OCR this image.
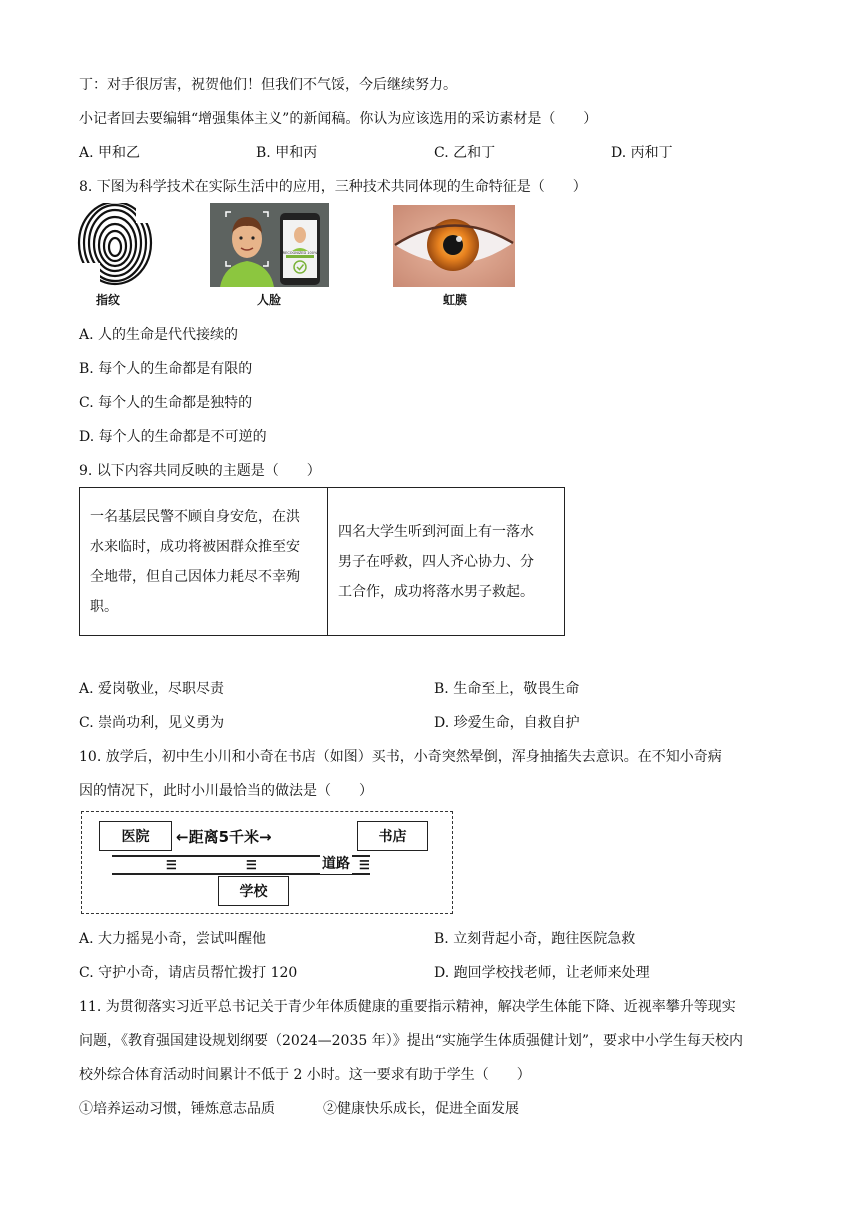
丁：对手很厉害，祝贺他们！但我们不气馁，今后继续努力。
小记者回去要编辑“增强集体主义”的新闻稿。你认为应该选用的采访素材是（　　）
A. 甲和乙	B. 甲和丙	C. 乙和丁	D. 丙和丁
8. 下图为科学技术在实际生活中的应用，三种技术共同体现的生命特征是（　　）
指纹
RECOGNIZED 100%
人脸	虹膜
A. 人的生命是代代接续的
B. 每个人的生命都是有限的
C. 每个人的生命都是独特的
D. 每个人的生命都是不可逆的
9. 以下内容共同反映的主题是（　　）
一名基层民警不顾自身安危，在洪
水来临时，成功将被困群众推至安
全地带，但自己因体力耗尽不幸殉
职。

四名大学生听到河面上有一落水
男子在呼救，四人齐心协力、分
工合作，成功将落水男子救起。
A. 爱岗敬业，尽职尽责	B. 生命至上，敬畏生命
C. 崇尚功利，见义勇为	D. 珍爱生命，自救自护
10. 放学后，初中生小川和小奇在书店（如图）买书，小奇突然晕倒，浑身抽搐失去意识。在不知小奇病
因的情况下，此时小川最恰当的做法是（　　）
医院	←距离5千米→	书店
☰	☰	道路 ☰
学校
A. 大力摇晃小奇，尝试叫醒他	B. 立刻背起小奇，跑往医院急救
C. 守护小奇，请店员帮忙拨打 120	D. 跑回学校找老师，让老师来处理
11. 为贯彻落实习近平总书记关于青少年体质健康的重要指示精神，解决学生体能下降、近视率攀升等现实
问题，《教育强国建设规划纲要（2024—2035 年）》提出“实施学生体质强健计划”，要求中小学生每天校内
校外综合体育活动时间累计不低于 2 小时。这一要求有助于学生（　　）
①培养运动习惯，锤炼意志品质	②健康快乐成长，促进全面发展
